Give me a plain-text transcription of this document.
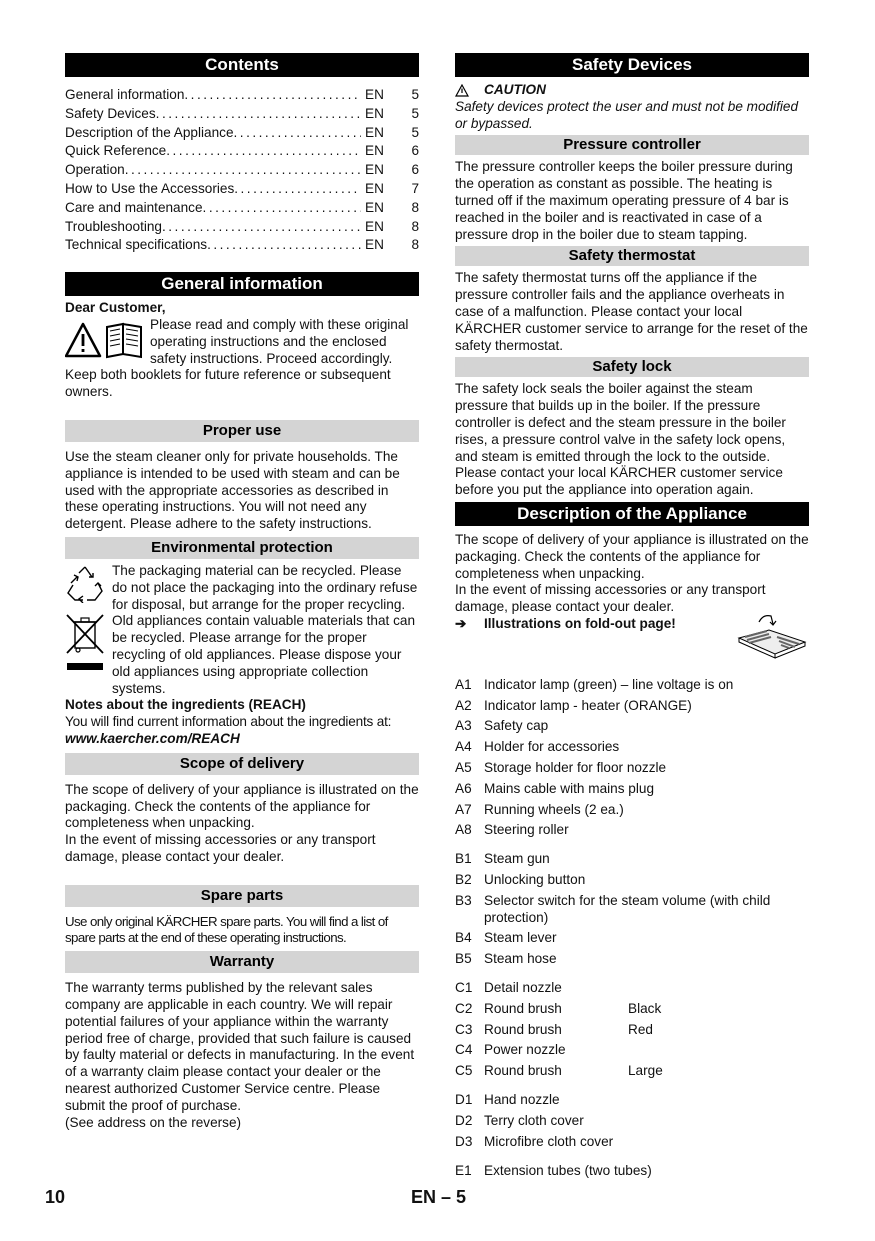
Contents
General information .....	EN	5
Safety Devices .....	EN	5
Description of the Appliance .....	EN	5
Quick Reference .....	EN	6
Operation .....	EN	6
How to Use the Accessories .....	EN	7
Care and maintenance .....	EN	8
Troubleshooting .....	EN	8
Technical specifications .....	EN	8
General information
Dear Customer,

Please read and comply with these original operating instructions and the enclosed safety instructions. Proceed accordingly. Keep both booklets for future reference or subsequent owners.

Proper use

Use the steam cleaner only for private households. The appliance is intended to be used with steam and can be used with the appropriate accessories as described in these operating instructions. You will not need any detergent. Please adhere to the safety instructions.

Environmental protection

The packaging material can be recycled. Please do not place the packaging into the ordinary refuse for disposal, but arrange for the proper recycling.

Old appliances contain valuable materials that can be recycled. Please arrange for the proper recycling of old appliances. Please dispose your old appliances using appropriate collection systems.

Notes about the ingredients (REACH)

You will find current information about the ingredients at:

www.kaercher.com/REACH

Scope of delivery

The scope of delivery of your appliance is illustrated on the packaging. Check the contents of the appliance for completeness when unpacking.

In the event of missing accessories or any transport damage, please contact your dealer.

Spare parts

Use only original KÄRCHER spare parts. You will find a list of spare parts at the end of these operating instructions.

Warranty

The warranty terms published by the relevant sales company are applicable in each country. We will repair potential failures of your appliance within the warranty period free of charge, provided that such failure is caused by faulty material or defects in manufacturing. In the event of a warranty claim please contact your dealer or the nearest authorized Customer Service centre. Please submit the proof of purchase.

(See address on the reverse)

Safety Devices
CAUTION

Safety devices protect the user and must not be modified or bypassed.

Pressure controller

The pressure controller keeps the boiler pressure during the operation as constant as possible. The heating is turned off if the maximum operating pressure of 4 bar is reached in the boiler and is reactivated in case of a pressure drop in the boiler due to steam tapping.

Safety thermostat

The safety thermostat turns off the appliance if the pressure controller fails and the appliance overheats in case of a malfunction. Please contact your local KÄRCHER customer service to arrange for the reset of the safety thermostat.

Safety lock

The safety lock seals the boiler against the steam pressure that builds up in the boiler. If the pressure controller is defect and the steam pressure in the boiler rises, a pressure control valve in the safety lock opens, and steam is emitted through the lock to the outside.

Please contact your local KÄRCHER customer service before you put the appliance into operation again.

Description of the Appliance

The scope of delivery of your appliance is illustrated on the packaging. Check the contents of the appliance for completeness when unpacking.

In the event of missing accessories or any transport damage, please contact your dealer.

➔ Illustrations on fold-out page!
A1 Indicator lamp (green) – line voltage is on
A2 Indicator lamp - heater (ORANGE)
A3 Safety cap
A4 Holder for accessories
A5 Storage holder for floor nozzle
A6 Mains cable with mains plug
A7 Running wheels (2 ea.)
A8 Steering roller
B1 Steam gun
B2 Unlocking button
B3 Selector switch for the steam volume (with child protection)
B4 Steam lever
B5 Steam hose
C1 Detail nozzle
C2 Round brush	Black
C3 Round brush	Red
C4 Power nozzle
C5 Round brush	Large
D1 Hand nozzle
D2 Terry cloth cover
D3 Microfibre cloth cover
E1 Extension tubes (two tubes)
10	EN – 5
